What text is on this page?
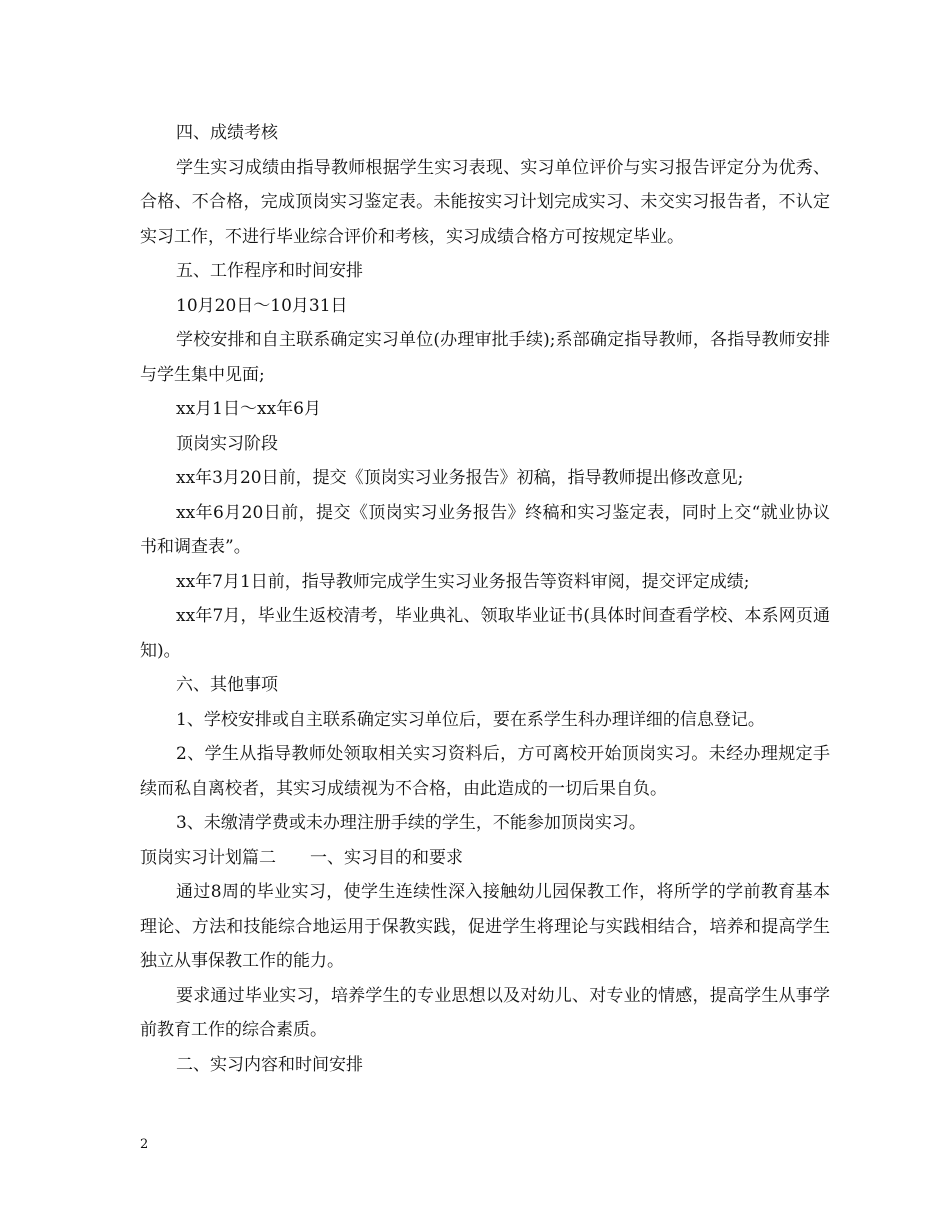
四、成绩考核

学生实习成绩由指导教师根据学生实习表现、实习单位评价与实习报告评定分为优秀、合格、不合格，完成顶岗实习鉴定表。未能按实习计划完成实习、未交实习报告者，不认定实习工作，不进行毕业综合评价和考核，实习成绩合格方可按规定毕业。

五、工作程序和时间安排

10月20日～10月31日

学校安排和自主联系确定实习单位(办理审批手续);系部确定指导教师，各指导教师安排与学生集中见面;

xx月1日～xx年6月

顶岗实习阶段

xx年3月20日前，提交《顶岗实习业务报告》初稿，指导教师提出修改意见;

xx年6月20日前，提交《顶岗实习业务报告》终稿和实习鉴定表，同时上交“就业协议书和调查表”。

xx年7月1日前，指导教师完成学生实习业务报告等资料审阅，提交评定成绩;

xx年7月，毕业生返校清考，毕业典礼、领取毕业证书(具体时间查看学校、本系网页通知)。

六、其他事项

1、学校安排或自主联系确定实习单位后，要在系学生科办理详细的信息登记。

2、学生从指导教师处领取相关实习资料后，方可离校开始顶岗实习。未经办理规定手续而私自离校者，其实习成绩视为不合格，由此造成的一切后果自负。

3、未缴清学费或未办理注册手续的学生，不能参加顶岗实习。

顶岗实习计划篇二 一、实习目的和要求

通过8周的毕业实习，使学生连续性深入接触幼儿园保教工作，将所学的学前教育基本理论、方法和技能综合地运用于保教实践，促进学生将理论与实践相结合，培养和提高学生独立从事保教工作的能力。

要求通过毕业实习，培养学生的专业思想以及对幼儿、对专业的情感，提高学生从事学前教育工作的综合素质。

二、实习内容和时间安排

2
